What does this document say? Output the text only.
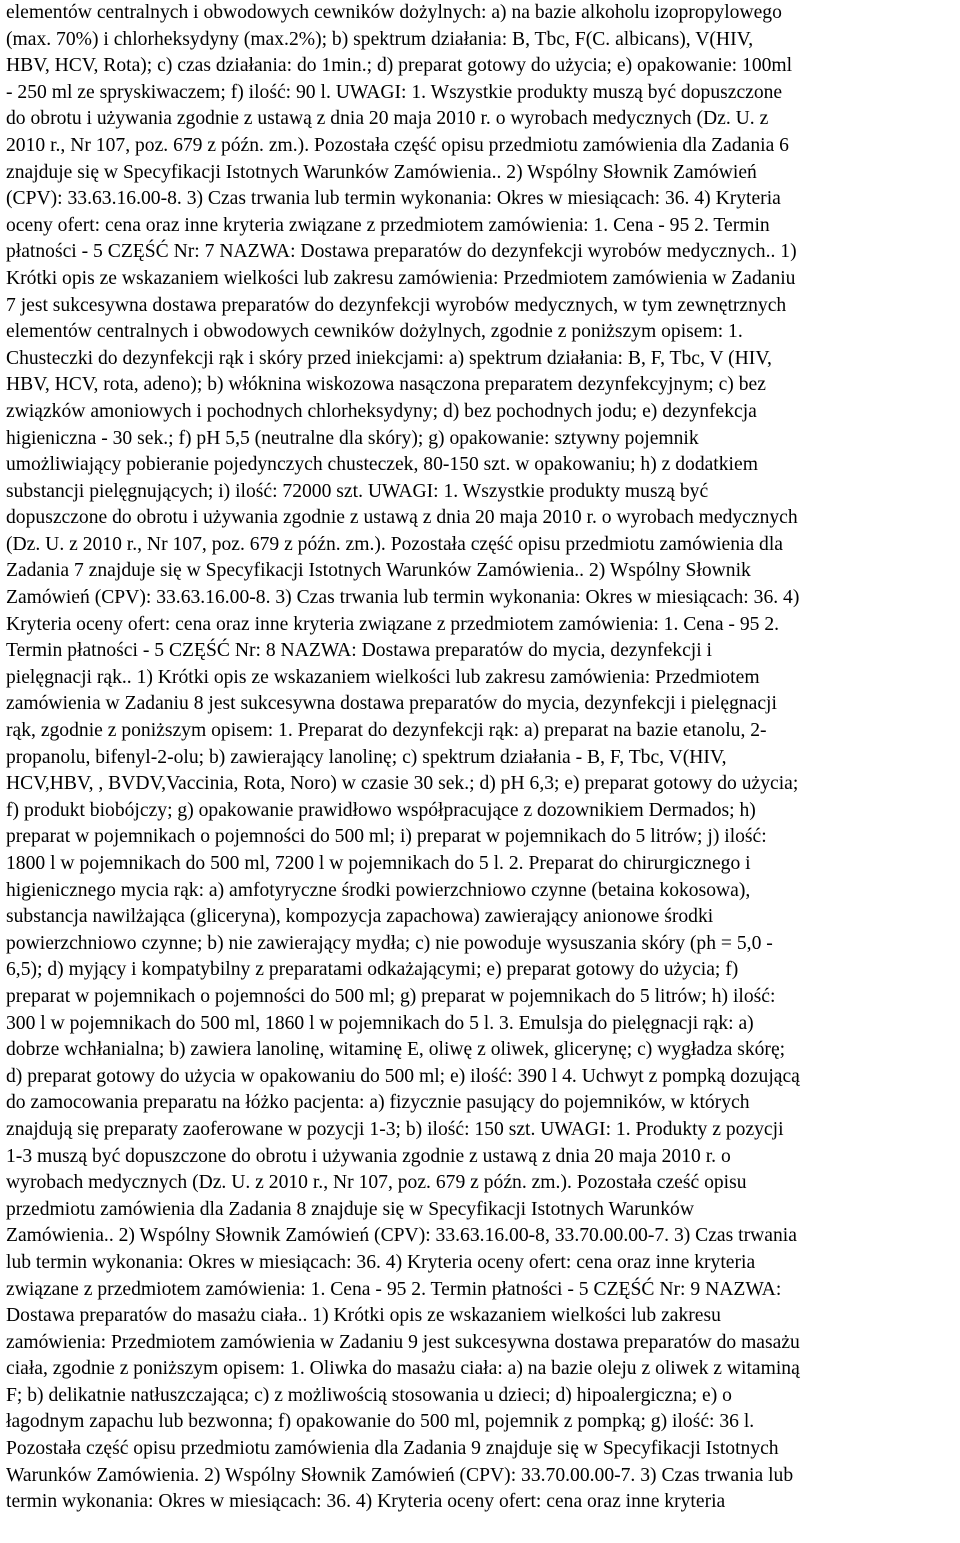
elementów centralnych i obwodowych cewników dożylnych: a) na bazie alkoholu izopropylowego
(max. 70%) i chlorheksydyny (max.2%); b) spektrum działania: B, Tbc, F(C. albicans), V(HIV,
HBV, HCV, Rota); c) czas działania: do 1min.; d) preparat gotowy do użycia; e) opakowanie: 100ml
- 250 ml ze spryskiwaczem; f) ilość: 90 l. UWAGI: 1. Wszystkie produkty muszą być dopuszczone
do obrotu i używania zgodnie z ustawą z dnia 20 maja 2010 r. o wyrobach medycznych (Dz. U. z
2010 r., Nr 107, poz. 679 z późn. zm.). Pozostała część opisu przedmiotu zamówienia dla Zadania 6
znajduje się w Specyfikacji Istotnych Warunków Zamówienia.. 2) Wspólny Słownik Zamówień
(CPV): 33.63.16.00-8. 3) Czas trwania lub termin wykonania: Okres w miesiącach: 36. 4) Kryteria
oceny ofert: cena oraz inne kryteria związane z przedmiotem zamówienia: 1. Cena - 95 2. Termin
płatności - 5 CZĘŚĆ Nr: 7 NAZWA: Dostawa preparatów do dezynfekcji wyrobów medycznych.. 1)
Krótki opis ze wskazaniem wielkości lub zakresu zamówienia: Przedmiotem zamówienia w Zadaniu
7 jest sukcesywna dostawa preparatów do dezynfekcji wyrobów medycznych, w tym zewnętrznych
elementów centralnych i obwodowych cewników dożylnych, zgodnie z poniższym opisem: 1.
Chusteczki do dezynfekcji rąk i skóry przed iniekcjami: a) spektrum działania: B, F, Tbc, V (HIV,
HBV, HCV, rota, adeno); b) włóknina wiskozowa nasączona preparatem dezynfekcyjnym; c) bez
związków amoniowych i pochodnych chlorheksydyny; d) bez pochodnych jodu; e) dezynfekcja
higieniczna - 30 sek.; f) pH 5,5 (neutralne dla skóry); g) opakowanie: sztywny pojemnik
umożliwiający pobieranie pojedynczych chusteczek, 80-150 szt. w opakowaniu; h) z dodatkiem
substancji pielęgnujących; i) ilość: 72000 szt. UWAGI: 1. Wszystkie produkty muszą być
dopuszczone do obrotu i używania zgodnie z ustawą z dnia 20 maja 2010 r. o wyrobach medycznych
(Dz. U. z 2010 r., Nr 107, poz. 679 z późn. zm.). Pozostała część opisu przedmiotu zamówienia dla
Zadania 7 znajduje się w Specyfikacji Istotnych Warunków Zamówienia.. 2) Wspólny Słownik
Zamówień (CPV): 33.63.16.00-8. 3) Czas trwania lub termin wykonania: Okres w miesiącach: 36. 4)
Kryteria oceny ofert: cena oraz inne kryteria związane z przedmiotem zamówienia: 1. Cena - 95 2.
Termin płatności - 5 CZĘŚĆ Nr: 8 NAZWA: Dostawa preparatów do mycia, dezynfekcji i
pielęgnacji rąk.. 1) Krótki opis ze wskazaniem wielkości lub zakresu zamówienia: Przedmiotem
zamówienia w Zadaniu 8 jest sukcesywna dostawa preparatów do mycia, dezynfekcji i pielęgnacji
rąk, zgodnie z poniższym opisem: 1. Preparat do dezynfekcji rąk: a) preparat na bazie etanolu, 2-
propanolu, bifenyl-2-olu; b) zawierający lanolinę; c) spektrum działania - B, F, Tbc, V(HIV,
HCV,HBV, , BVDV,Vaccinia, Rota, Noro) w czasie 30 sek.; d) pH 6,3; e) preparat gotowy do użycia;
f) produkt biobójczy; g) opakowanie prawidłowo współpracujące z dozownikiem Dermados; h)
preparat w pojemnikach o pojemności do 500 ml; i) preparat w pojemnikach do 5 litrów; j) ilość:
1800 l w pojemnikach do 500 ml, 7200 l w pojemnikach do 5 l. 2. Preparat do chirurgicznego i
higienicznego mycia rąk: a) amfotyryczne środki powierzchniowo czynne (betaina kokosowa),
substancja nawilżająca (gliceryna), kompozycja zapachowa) zawierający anionowe środki
powierzchniowo czynne; b) nie zawierający mydła; c) nie powoduje wysuszania skóry (ph = 5,0 -
6,5); d) myjący i kompatybilny z preparatami odkażającymi; e) preparat gotowy do użycia; f)
preparat w pojemnikach o pojemności do 500 ml; g) preparat w pojemnikach do 5 litrów; h) ilość:
300 l w pojemnikach do 500 ml, 1860 l w pojemnikach do 5 l. 3. Emulsja do pielęgnacji rąk: a)
dobrze wchłanialna; b) zawiera lanolinę, witaminę E, oliwę z oliwek, glicerynę; c) wygładza skórę;
d) preparat gotowy do użycia w opakowaniu do 500 ml; e) ilość: 390 l 4. Uchwyt z pompką dozującą
do zamocowania preparatu na łóżko pacjenta: a) fizycznie pasujący do pojemników, w których
znajdują się preparaty zaoferowane w pozycji 1-3; b) ilość: 150 szt. UWAGI: 1. Produkty z pozycji
1-3 muszą być dopuszczone do obrotu i używania zgodnie z ustawą z dnia 20 maja 2010 r. o
wyrobach medycznych (Dz. U. z 2010 r., Nr 107, poz. 679 z późn. zm.). Pozostała cześć opisu
przedmiotu zamówienia dla Zadania 8 znajduje się w Specyfikacji Istotnych Warunków
Zamówienia.. 2) Wspólny Słownik Zamówień (CPV): 33.63.16.00-8, 33.70.00.00-7. 3) Czas trwania
lub termin wykonania: Okres w miesiącach: 36. 4) Kryteria oceny ofert: cena oraz inne kryteria
związane z przedmiotem zamówienia: 1. Cena - 95 2. Termin płatności - 5 CZĘŚĆ Nr: 9 NAZWA:
Dostawa preparatów do masażu ciała.. 1) Krótki opis ze wskazaniem wielkości lub zakresu
zamówienia: Przedmiotem zamówienia w Zadaniu 9 jest sukcesywna dostawa preparatów do masażu
ciała, zgodnie z poniższym opisem: 1. Oliwka do masażu ciała: a) na bazie oleju z oliwek z witaminą
F; b) delikatnie natłuszczająca; c) z możliwością stosowania u dzieci; d) hipoalergiczna; e) o
łagodnym zapachu lub bezwonna; f) opakowanie do 500 ml, pojemnik z pompką; g) ilość: 36 l.
Pozostała część opisu przedmiotu zamówienia dla Zadania 9 znajduje się w Specyfikacji Istotnych
Warunków Zamówienia. 2) Wspólny Słownik Zamówień (CPV): 33.70.00.00-7. 3) Czas trwania lub
termin wykonania: Okres w miesiącach: 36. 4) Kryteria oceny ofert: cena oraz inne kryteria
